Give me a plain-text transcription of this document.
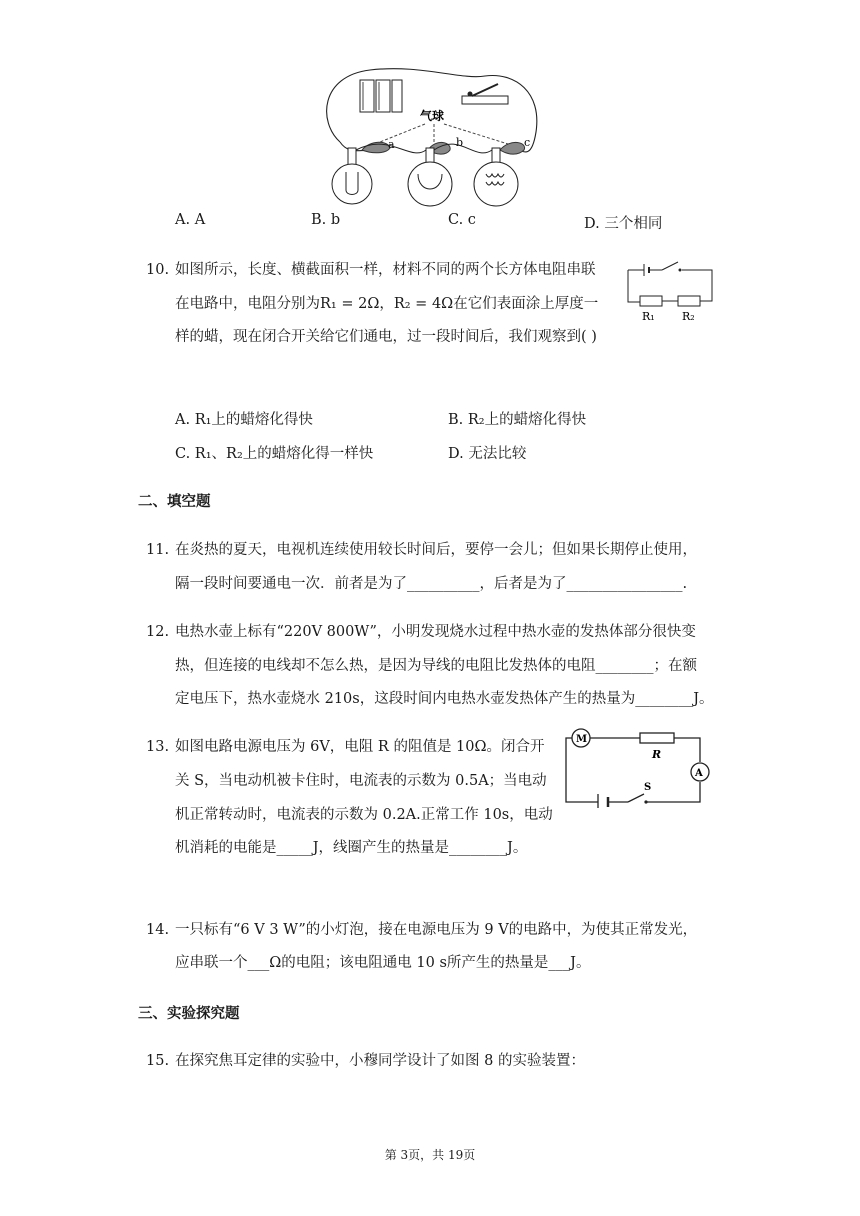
气球
a	b	c
A. A	B. b	C. c	D. 三个相同
10. 如图所示，长度、横截面积一样，材料不同的两个长方体电阻串联
在电路中，电阻分别为R₁ = 2Ω，R₂ = 4Ω在它们表面涂上厚度一
样的蜡，现在闭合开关给它们通电，过一段时间后，我们观察到( )
R₁ R₂
A. R₁上的蜡熔化得快	B. R₂上的蜡熔化得快
C. R₁、R₂上的蜡熔化得一样快	D. 无法比较
二、填空题
11. 在炎热的夏天，电视机连续使用较长时间后，要停一会儿；但如果长期停止使用，
隔一段时间要通电一次．前者是为了__________，后者是为了________________.
12. 电热水壶上标有“220V 800W”，小明发现烧水过程中热水壶的发热体部分很快变
热，但连接的电线却不怎么热，是因为导线的电阻比发热体的电阻________；在额
定电压下，热水壶烧水 210s，这段时间内电热水壶发热体产生的热量为________J。
13. 如图电路电源电压为 6V，电阻 R 的阻值是 10Ω。闭合开
关 S，当电动机被卡住时，电流表的示数为 0.5A；当电动
机正常转动时，电流表的示数为 0.2A.正常工作 10s，电动
机消耗的电能是_____J，线圈产生的热量是________J。
M
R
A
S
14. 一只标有“6 V 3 W”的小灯泡，接在电源电压为 9 V的电路中，为使其正常发光，
应串联一个___Ω的电阻；该电阻通电 10 s所产生的热量是___J。
三、实验探究题
15. 在探究焦耳定律的实验中，小穆同学设计了如图 8 的实验装置：
第 3页，共 19页
